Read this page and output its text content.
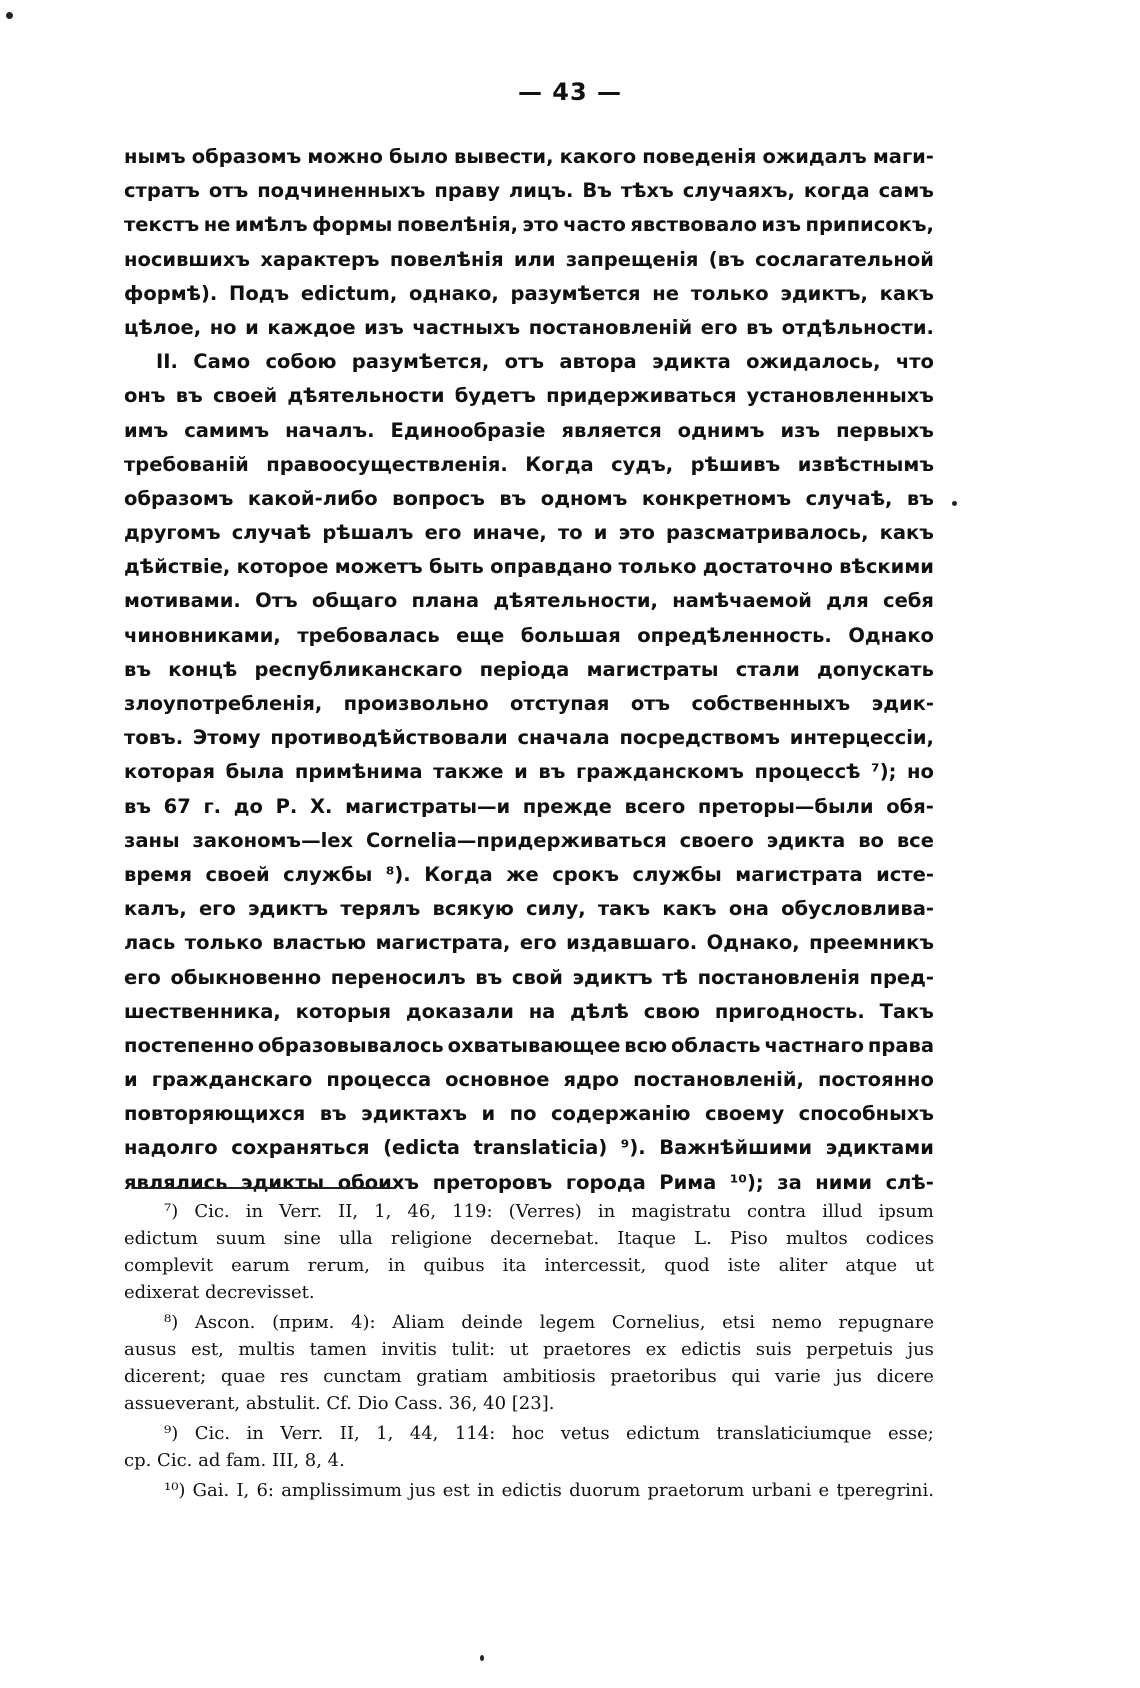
— 43 —
нымъ образомъ можно было вывести, какого поведенія ожидалъ маги-
стратъ отъ подчиненныхъ праву лицъ. Въ тѣхъ случаяхъ, когда самъ
текстъ не имѣлъ формы повелѣнія, это часто явствовало изъ приписокъ,
носившихъ характеръ повелѣнія или запрещенія (въ сослагательной
формѣ). Подъ edictum, однако, разумѣется не только эдиктъ, какъ
цѣлое, но и каждое изъ частныхъ постановленій его въ отдѣльности.
II. Само собою разумѣется, отъ автора эдикта ожидалось, что
онъ въ своей дѣятельности будетъ придерживаться установленныхъ
имъ самимъ началъ. Единообразіе является однимъ изъ первыхъ
требованій правоосуществленія. Когда судъ, рѣшивъ извѣстнымъ
образомъ какой-либо вопросъ въ одномъ конкретномъ случаѣ, въ
другомъ случаѣ рѣшалъ его иначе, то и это разсматривалось, какъ
дѣйствіе, которое можетъ быть оправдано только достаточно вѣскими
мотивами. Отъ общаго плана дѣятельности, намѣчаемой для себя
чиновниками, требовалась еще большая опредѣленность. Однако
въ концѣ республиканскаго періода магистраты стали допускать
злоупотребленія, произвольно отступая отъ собственныхъ эдик-
товъ. Этому противодѣйствовали сначала посредствомъ интерцессіи,
которая была примѣнима также и въ гражданскомъ процессѣ ⁷); но
въ 67 г. до Р. X. магистраты—и прежде всего преторы—были обя-
заны закономъ—lex Cornelia—придерживаться своего эдикта во все
время своей службы ⁸). Когда же срокъ службы магистрата исте-
калъ, его эдиктъ терялъ всякую силу, такъ какъ она обусловлива-
лась только властью магистрата, его издавшаго. Однако, преемникъ
его обыкновенно переносилъ въ свой эдиктъ тѣ постановленія пред-
шественника, которыя доказали на дѣлѣ свою пригодность. Такъ
постепенно образовывалось охватывающее всю область частнаго права
и гражданскаго процесса основное ядро постановленій, постоянно
повторяющихся въ эдиктахъ и по содержанію своему способныхъ
надолго сохраняться (edicta translaticia) ⁹). Важнѣйшими эдиктами
являлись эдикты обоихъ преторовъ города Рима ¹⁰); за ними слѣ-
⁷) Cic. in Verr. II, 1, 46, 119: (Verres) in magistratu contra illud ipsum
edictum suum sine ulla religione decernebat. Itaque L. Piso multos codices
complevit earum rerum, in quibus ita intercessit, quod iste aliter atque ut
edixerat decrevisset.
⁸) Ascon. (прим. 4): Aliam deinde legem Cornelius, etsi nemo repugnare
ausus est, multis tamen invitis tulit: ut praetores ex edictis suis perpetuis jus
dicerent; quae res cunctam gratiam ambitiosis praetoribus qui varie jus dicere
assueverant, abstulit. Cf. Dio Cass. 36, 40 [23].
⁹) Cic. in Verr. II, 1, 44, 114: hoc vetus edictum translaticiumque esse;
cp. Cic. ad fam. III, 8, 4.
¹⁰) Gai. I, 6: amplissimum jus est in edictis duorum praetorum urbani e tperegrini.
